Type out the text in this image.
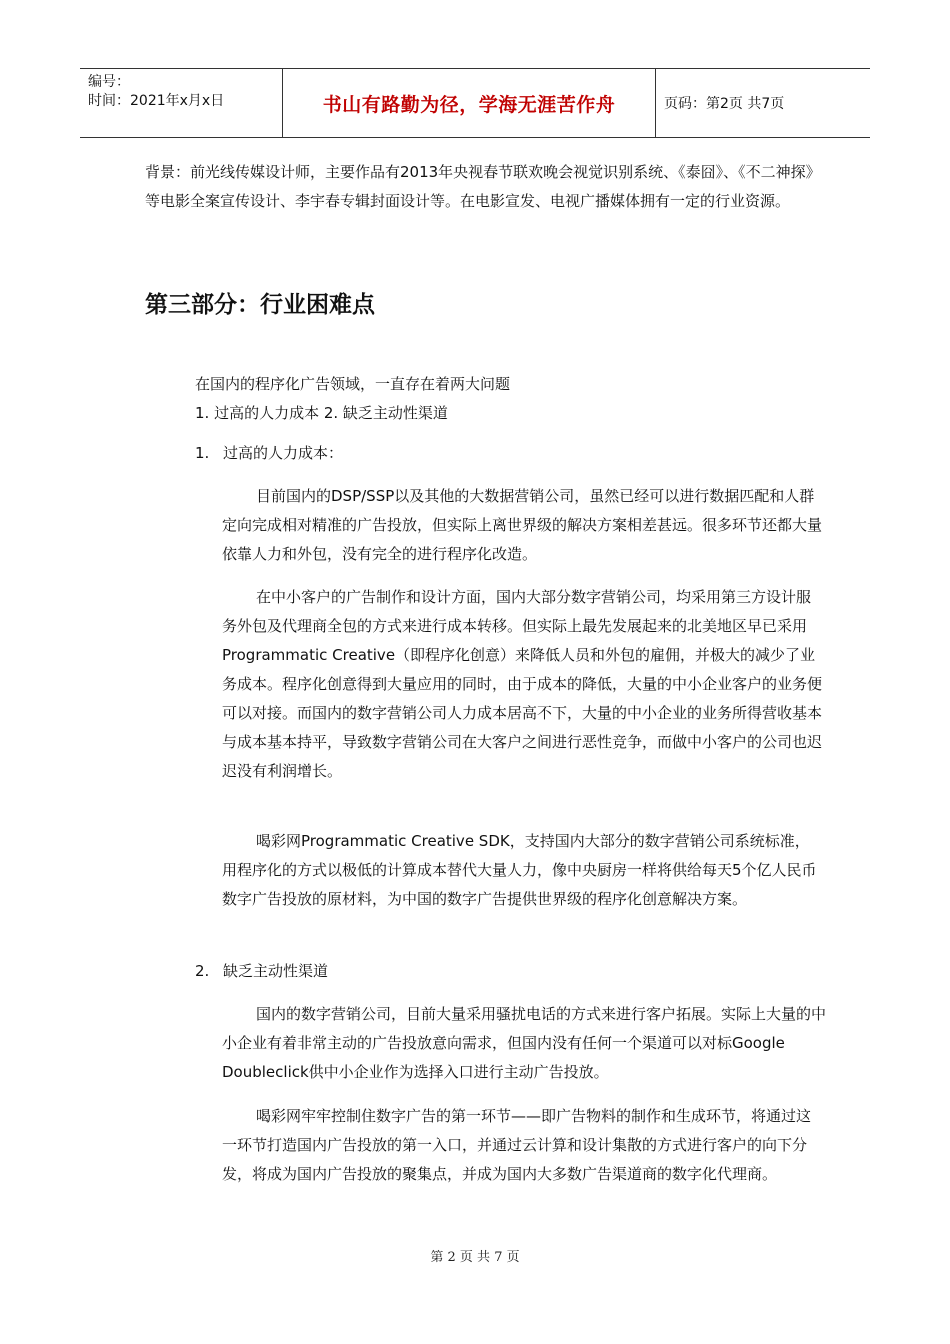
编号：
时间：2021年x月x日	书山有路勤为径，学海无涯苦作舟	页码：第2页 共7页

背景：前光线传媒设计师，主要作品有2013年央视春节联欢晚会视觉识别系统、《泰囧》、《不二神探》等电影全案宣传设计、李宇春专辑封面设计等。在电影宣发、电视广播媒体拥有一定的行业资源。

第三部分：行业困难点
在国内的程序化广告领域，一直存在着两大问题
1. 过高的人力成本 2. 缺乏主动性渠道
1. 过高的人力成本：

目前国内的DSP/SSP以及其他的大数据营销公司，虽然已经可以进行数据匹配和人群定向完成相对精准的广告投放，但实际上离世界级的解决方案相差甚远。很多环节还都大量依靠人力和外包，没有完全的进行程序化改造。

在中小客户的广告制作和设计方面，国内大部分数字营销公司，均采用第三方设计服务外包及代理商全包的方式来进行成本转移。但实际上最先发展起来的北美地区早已采用Programmatic Creative（即程序化创意）来降低人员和外包的雇佣，并极大的减少了业务成本。程序化创意得到大量应用的同时，由于成本的降低，大量的中小企业客户的业务便可以对接。而国内的数字营销公司人力成本居高不下，大量的中小企业的业务所得营收基本与成本基本持平，导致数字营销公司在大客户之间进行恶性竞争，而做中小客户的公司也迟迟没有利润增长。

喝彩网Programmatic Creative SDK，支持国内大部分的数字营销公司系统标准，用程序化的方式以极低的计算成本替代大量人力，像中央厨房一样将供给每天5个亿人民币数字广告投放的原材料，为中国的数字广告提供世界级的程序化创意解决方案。

2. 缺乏主动性渠道

国内的数字营销公司，目前大量采用骚扰电话的方式来进行客户拓展。实际上大量的中小企业有着非常主动的广告投放意向需求，但国内没有任何一个渠道可以对标Google Doubleclick供中小企业作为选择入口进行主动广告投放。

喝彩网牢牢控制住数字广告的第一环节——即广告物料的制作和生成环节，将通过这一环节打造国内广告投放的第一入口，并通过云计算和设计集散的方式进行客户的向下分发，将成为国内广告投放的聚集点，并成为国内大多数广告渠道商的数字化代理商。

第 2 页 共 7 页
